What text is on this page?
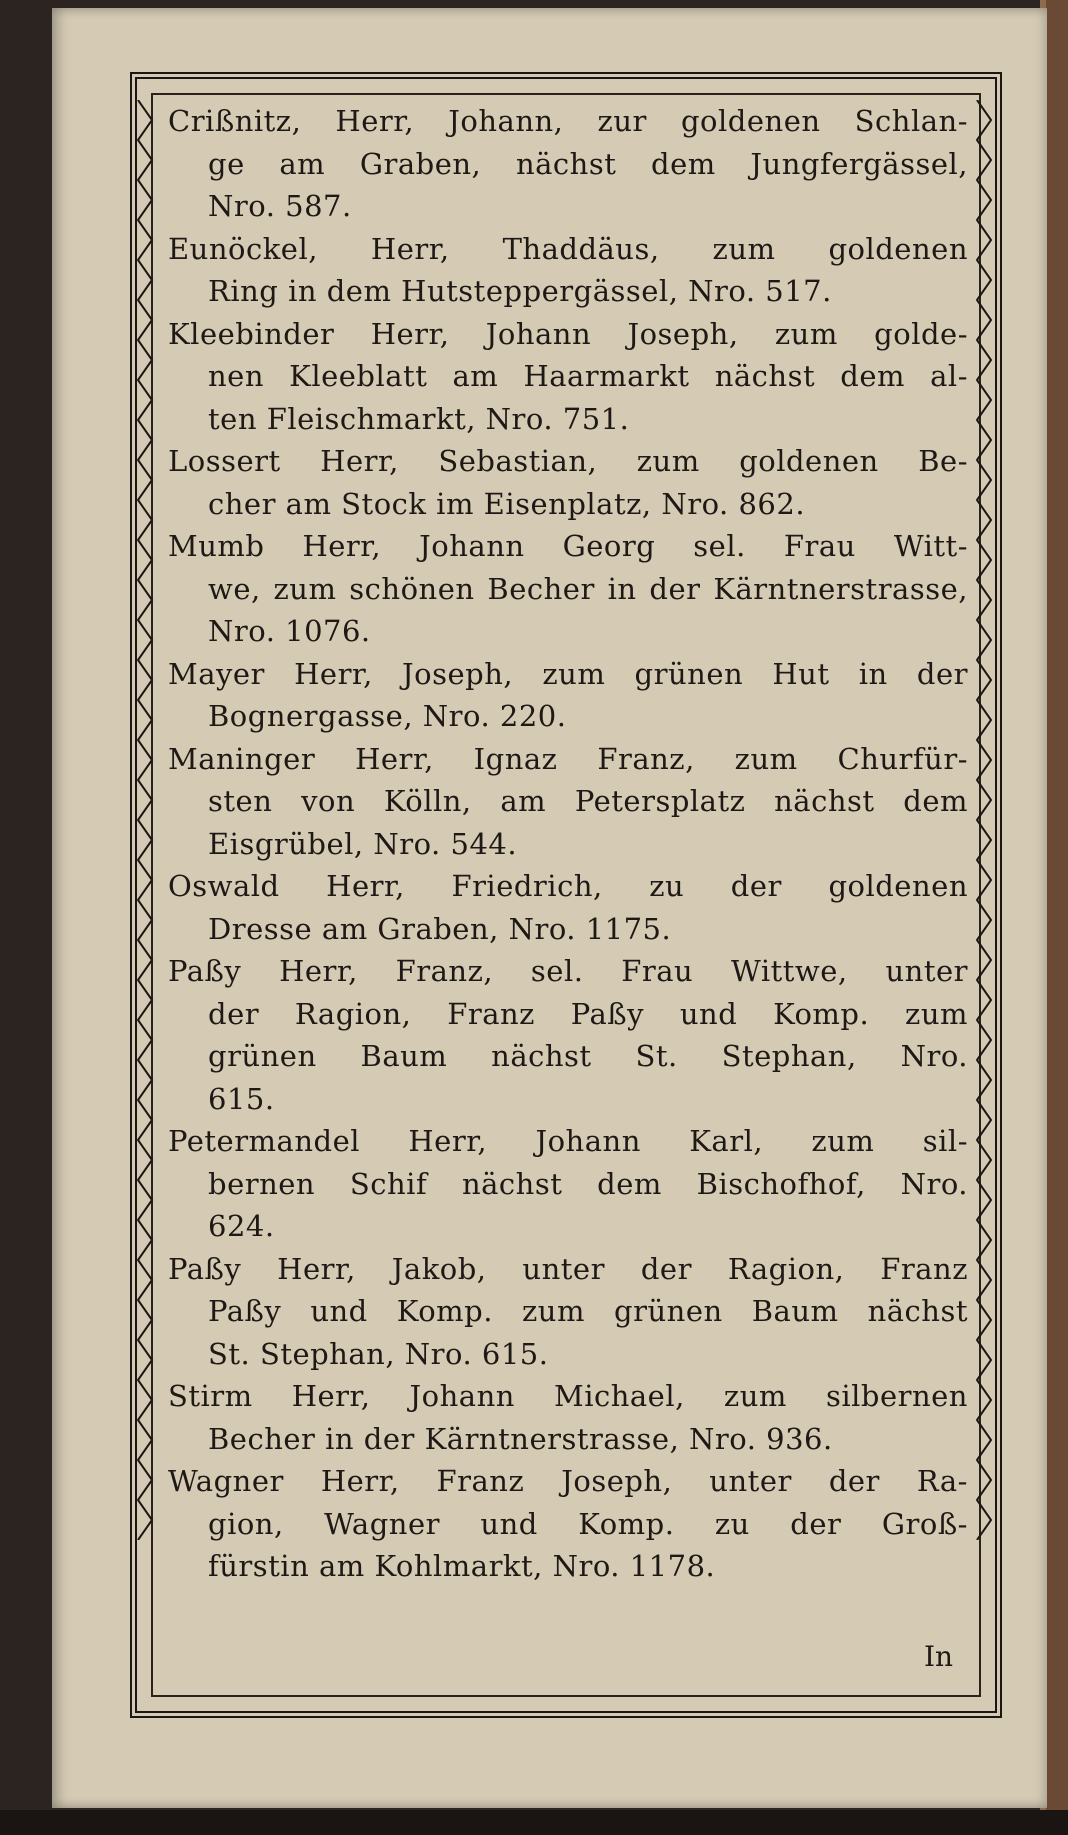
Crißnitz, Herr, Johann, zur goldenen Schlan-
ge am Graben, nächst dem Jungfergässel,
Nro. 587.
Eunöckel, Herr, Thaddäus, zum goldenen
Ring in dem Hutsteppergässel, Nro. 517.
Kleebinder Herr, Johann Joseph, zum golde-
nen Kleeblatt am Haarmarkt nächst dem al-
ten Fleischmarkt, Nro. 751.
Lossert Herr, Sebastian, zum goldenen Be-
cher am Stock im Eisenplatz, Nro. 862.
Mumb Herr, Johann Georg sel. Frau Witt-
we, zum schönen Becher in der Kärntnerstrasse,
Nro. 1076.
Mayer Herr, Joseph, zum grünen Hut in der
Bognergasse, Nro. 220.
Maninger Herr, Ignaz Franz, zum Churfür-
sten von Kölln, am Petersplatz nächst dem
Eisgrübel, Nro. 544.
Oswald Herr, Friedrich, zu der goldenen
Dresse am Graben, Nro. 1175.
Paßy Herr, Franz, sel. Frau Wittwe, unter
der Ragion, Franz Paßy und Komp. zum
grünen Baum nächst St. Stephan, Nro.
615.
Petermandel Herr, Johann Karl, zum sil-
bernen Schif nächst dem Bischofhof, Nro.
624.
Paßy Herr, Jakob, unter der Ragion, Franz
Paßy und Komp. zum grünen Baum nächst
St. Stephan, Nro. 615.
Stirm Herr, Johann Michael, zum silbernen
Becher in der Kärntnerstrasse, Nro. 936.
Wagner Herr, Franz Joseph, unter der Ra-
gion, Wagner und Komp. zu der Groß-
fürstin am Kohlmarkt, Nro. 1178.
In
